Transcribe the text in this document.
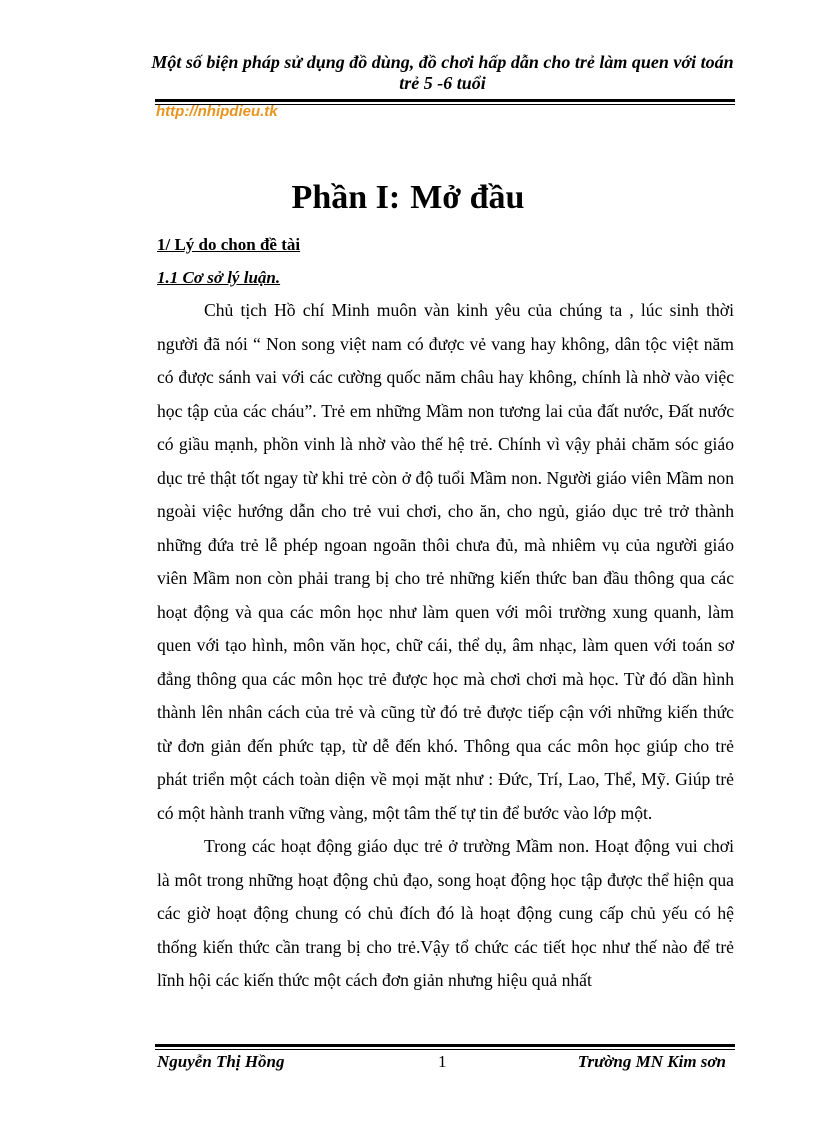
Một số biện pháp sử dụng đồ dùng, đồ chơi hấp dẫn cho trẻ làm quen với toán trẻ 5 -6 tuổi
http://nhipdieu.tk
Phần I: Mở đầu
1/ Lý do chon đề tài
1.1 Cơ sở lý luận.

Chủ tịch Hồ chí Minh muôn vàn kinh yêu của chúng ta , lúc sinh thời người đã nói “ Non song việt nam có được vẻ vang hay không, dân tộc việt năm có được sánh vai với các cường quốc năm châu hay không, chính là nhờ vào việc học tập của các cháu”. Trẻ em những Mầm non tương lai của đất nước, Đất nước có giầu mạnh, phồn vinh là nhờ vào thế hệ trẻ. Chính vì vậy phải chăm sóc giáo dục trẻ thật tốt ngay từ khi trẻ còn ở độ tuổi Mầm non. Người giáo viên Mầm non ngoài việc hướng dẫn cho trẻ vui chơi, cho ăn, cho ngủ, giáo dục trẻ trở thành những đứa trẻ lễ phép ngoan ngoãn thôi chưa đủ, mà nhiêm vụ của người giáo viên Mầm non còn phải trang bị cho trẻ những kiến thức ban đầu thông qua các hoạt động và qua các môn học như làm quen với môi trường xung quanh, làm quen với tạo hình, môn văn học, chữ cái, thể dụ, âm nhạc, làm quen với toán sơ đẳng thông qua các môn học trẻ được học mà chơi chơi mà học. Từ đó dần hình thành lên nhân cách của trẻ và cũng từ đó trẻ được tiếp cận với những kiến thức từ đơn giản đến phức tạp, từ dễ đến khó. Thông qua các môn học giúp cho trẻ phát triển một cách toàn diện về mọi mặt như : Đức, Trí, Lao, Thể, Mỹ. Giúp trẻ có một hành tranh vững vàng, một tâm thế tự tin để bước vào lớp một.

Trong các hoạt động giáo dục trẻ ở trường Mầm non. Hoạt động vui chơi là môt trong những hoạt động chủ đạo, song hoạt động học tập được thể hiện qua các giờ hoạt động chung có chủ đích đó là hoạt động cung cấp chủ yếu có hệ thống kiến thức cần trang bị cho trẻ.Vậy tổ chức các tiết học như thế nào để trẻ lĩnh hội các kiến thức một cách đơn giản nhưng hiệu quả nhất

Nguyễn Thị Hồng	1	Trường MN Kim sơn
